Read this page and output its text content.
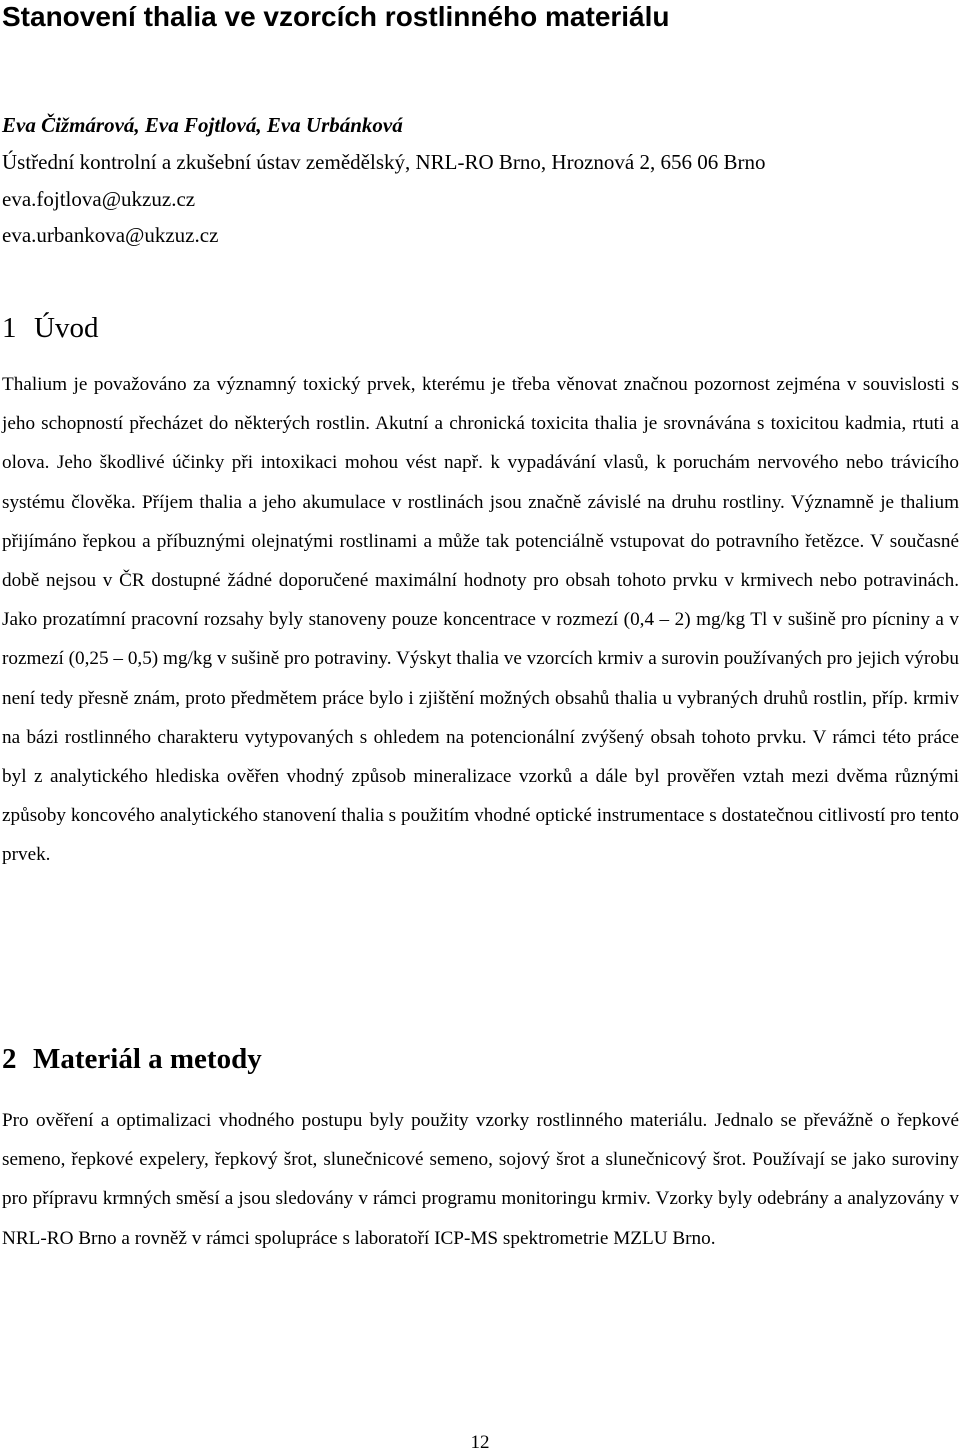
Stanovení thalia ve vzorcích rostlinného materiálu
Eva Čižmárová, Eva Fojtlová, Eva Urbánková
Ústřední kontrolní a zkušební ústav zemědělský, NRL-RO Brno, Hroznová 2, 656 06 Brno
eva.fojtlova@ukzuz.cz
eva.urbankova@ukzuz.cz
1 Úvod

Thalium je považováno za významný toxický prvek, kterému je třeba věnovat značnou pozornost zejména v souvislosti s jeho schopností přecházet do některých rostlin. Akutní a chronická toxicita thalia je srovnávána s toxicitou kadmia, rtuti a olova. Jeho škodlivé účinky při intoxikaci mohou vést např. k vypadávání vlasů, k poruchám nervového nebo trávicího systému člověka. Příjem thalia a jeho akumulace v rostlinách jsou značně závislé na druhu rostliny. Významně je thalium přijímáno řepkou a příbuznými olejnatými rostlinami a může tak potenciálně vstupovat do potravního řetězce. V současné době nejsou v ČR dostupné žádné doporučené maximální hodnoty pro obsah tohoto prvku v krmivech nebo potravinách. Jako prozatímní pracovní rozsahy byly stanoveny pouze koncentrace v rozmezí (0,4 – 2) mg/kg Tl v sušině pro pícniny a v rozmezí (0,25 – 0,5) mg/kg v sušině pro potraviny. Výskyt thalia ve vzorcích krmiv a surovin používaných pro jejich výrobu není tedy přesně znám, proto předmětem práce bylo i zjištění možných obsahů thalia u vybraných druhů rostlin, příp. krmiv na bázi rostlinného charakteru vytypovaných s ohledem na potencionální zvýšený obsah tohoto prvku. V rámci této práce byl z analytického hlediska ověřen vhodný způsob mineralizace vzorků a dále byl prověřen vztah mezi dvěma různými způsoby koncového analytického stanovení thalia s použitím vhodné optické instrumentace s dostatečnou citlivostí pro tento prvek.

2 Materiál a metody

Pro ověření a optimalizaci vhodného postupu byly použity vzorky rostlinného materiálu. Jednalo se převážně o řepkové semeno, řepkové expelery, řepkový šrot, slunečnicové semeno, sojový šrot a slunečnicový šrot. Používají se jako suroviny pro přípravu krmných směsí a jsou sledovány v rámci programu monitoringu krmiv. Vzorky byly odebrány a analyzovány v NRL-RO Brno a rovněž v rámci spolupráce s laboratoří ICP-MS spektrometrie MZLU Brno.

12
